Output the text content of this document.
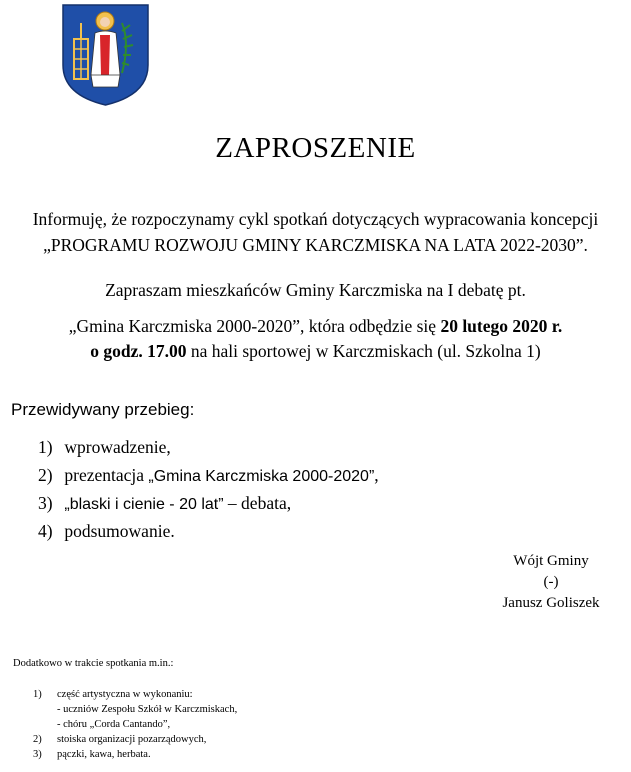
ZAPROSZENIE
Informuję, że rozpoczynamy cykl spotkań dotyczących wypracowania koncepcji
„PROGRAMU ROZWOJU GMINY KARCZMISKA NA LATA 2022-2030”.
Zapraszam mieszkańców Gminy Karczmiska na I debatę pt.
„Gmina Karczmiska 2000-2020”, która odbędzie się 20 lutego 2020 r.
o godz. 17.00 na hali sportowej w Karczmiskach (ul. Szkolna 1)
Przewidywany przebieg:
1) wprowadzenie,
2) prezentacja „Gmina Karczmiska 2000-2020”,
3) „blaski i cienie - 20 lat” – debata,
4) podsumowanie.
Wójt Gminy
(-)
Janusz Goliszek
Dodatkowo w trakcie spotkania m.in.:
1) część artystyczna w wykonaniu:
- uczniów Zespołu Szkół w Karczmiskach,
- chóru „Corda Cantando”,
2) stoiska organizacji pozarządowych,
3) pączki, kawa, herbata.
